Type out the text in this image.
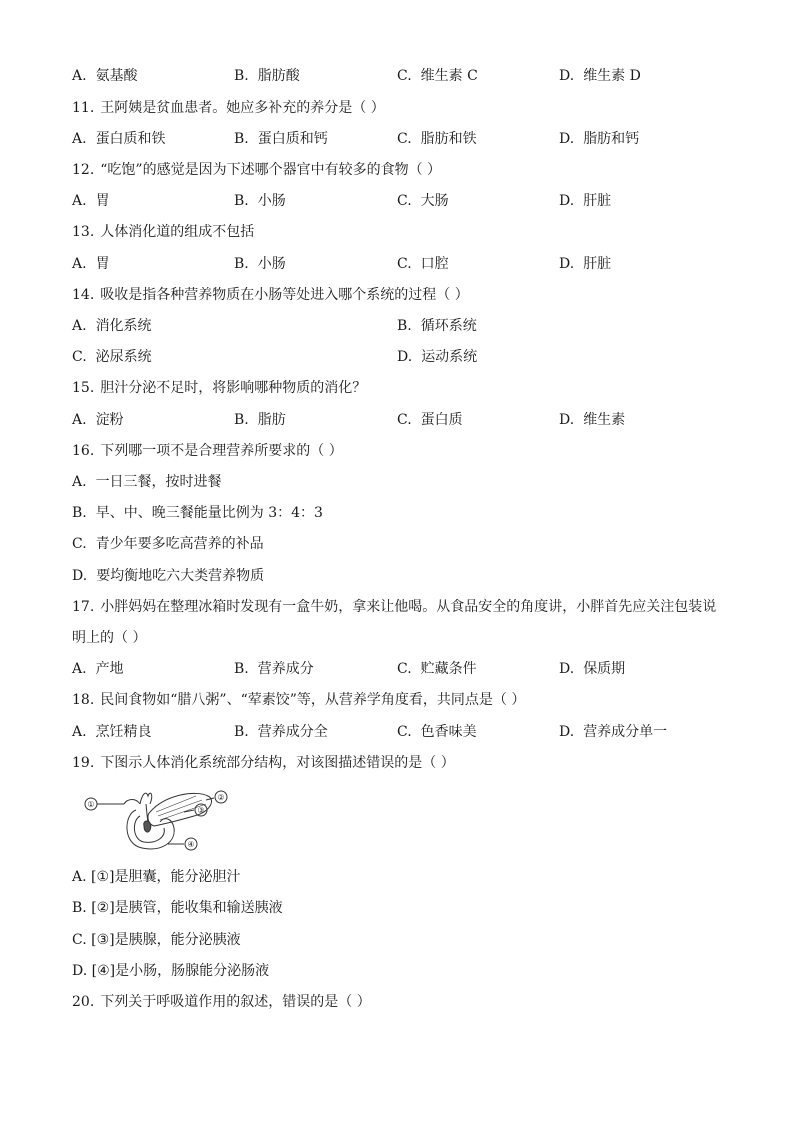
A. 氨基酸	B. 脂肪酸	C. 维生素 C	D. 维生素 D
11. 王阿姨是贫血患者。她应多补充的养分是（ ）
A. 蛋白质和铁	B. 蛋白质和钙	C. 脂肪和铁	D. 脂肪和钙
12. “吃饱”的感觉是因为下述哪个器官中有较多的食物（ ）
A. 胃	B. 小肠	C. 大肠	D. 肝脏
13. 人体消化道的组成不包括
A. 胃	B. 小肠	C. 口腔	D. 肝脏
14. 吸收是指各种营养物质在小肠等处进入哪个系统的过程（ ）
A. 消化系统	B. 循环系统
C. 泌尿系统	D. 运动系统
15. 胆汁分泌不足时，将影响哪种物质的消化？
A. 淀粉	B. 脂肪	C. 蛋白质	D. 维生素
16. 下列哪一项不是合理营养所要求的（ ）
A. 一日三餐，按时进餐
B. 早、中、晚三餐能量比例为 3：4：3
C. 青少年要多吃高营养的补品
D. 要均衡地吃六大类营养物质
17. 小胖妈妈在整理冰箱时发现有一盒牛奶，拿来让他喝。从食品安全的角度讲，小胖首先应关注包装说
明上的（ ）
A. 产地	B. 营养成分	C. 贮藏条件	D. 保质期
18. 民间食物如“腊八粥”、“荤素饺”等，从营养学角度看，共同点是（ ）
A. 烹饪精良	B. 营养成分全	C. 色香味美	D. 营养成分单一
19. 下图示人体消化系统部分结构，对该图描述错误的是（ ）
①
②
③
④
A. [①]是胆囊，能分泌胆汁
B. [②]是胰管，能收集和输送胰液
C. [③]是胰腺，能分泌胰液
D. [④]是小肠，肠腺能分泌肠液
20. 下列关于呼吸道作用的叙述，错误的是（ ）
